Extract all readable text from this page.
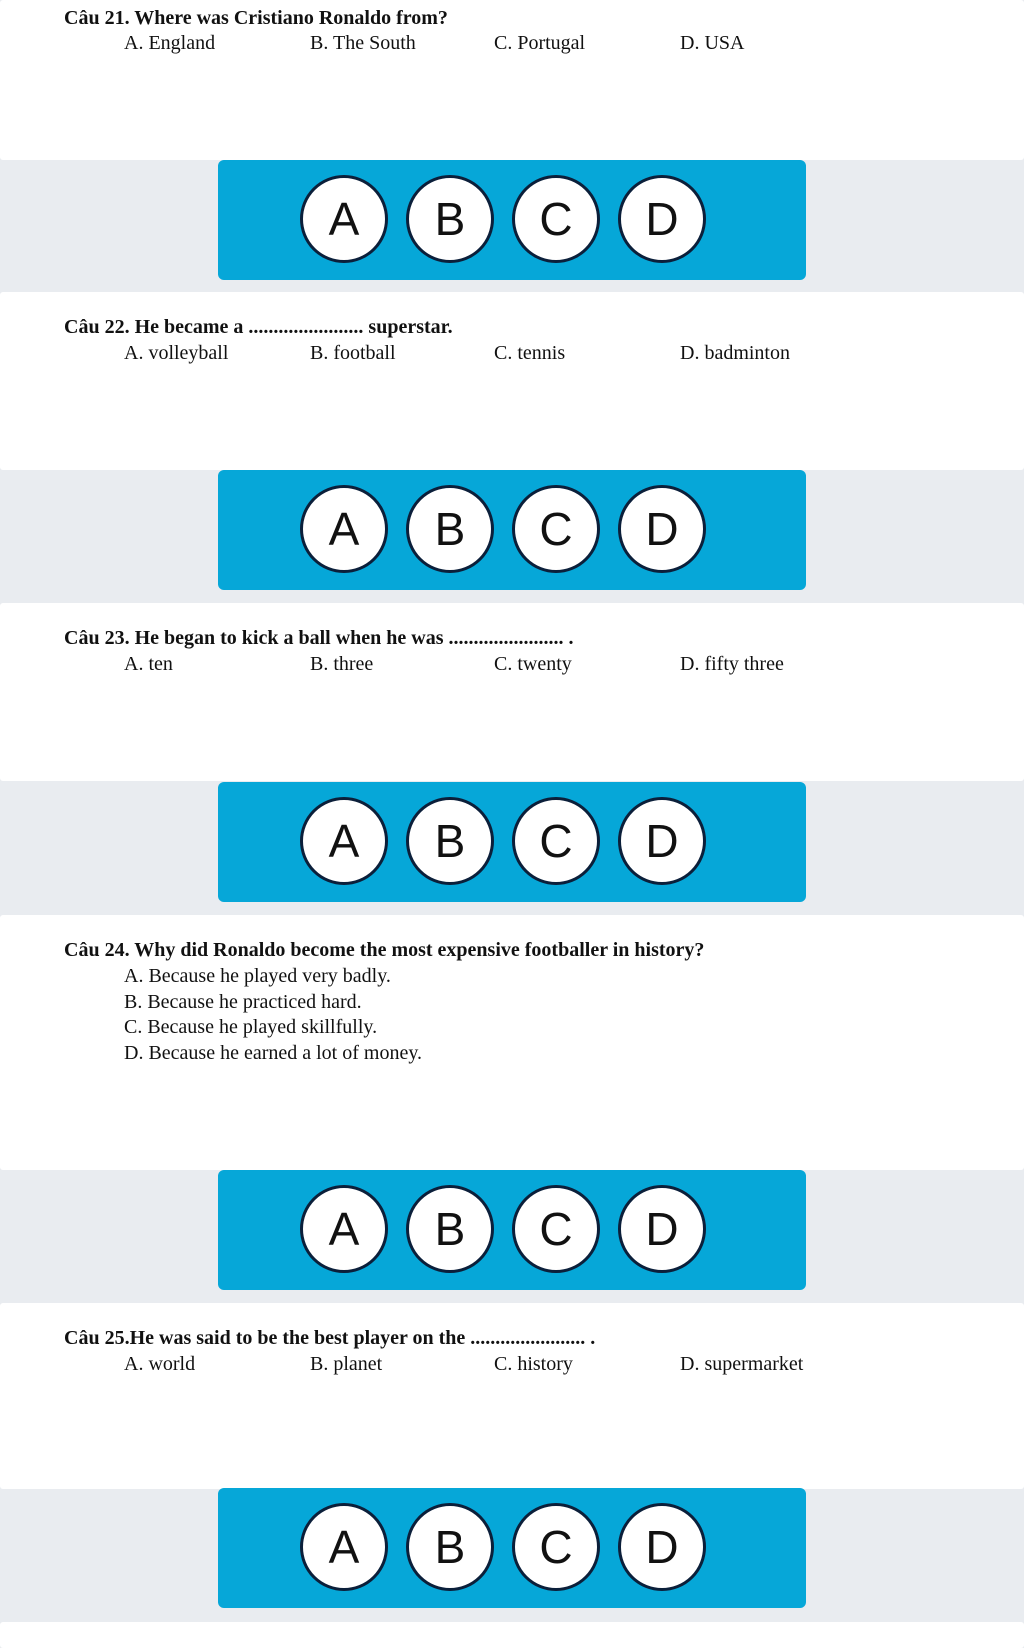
Câu 21. Where was Cristiano Ronaldo from?
A. England	B. The South	C. Portugal	D. USA
A	B	C	D
Câu 22. He became a ....................... superstar.
A. volleyball	B. football	C. tennis	D. badminton
A	B	C	D
Câu 23. He began to kick a ball when he was ....................... .
A. ten	B. three	C. twenty	D. fifty three
A	B	C	D
Câu 24. Why did Ronaldo become the most expensive footballer in history?
A. Because he played very badly.
B. Because he practiced hard.
C. Because he played skillfully.
D. Because he earned a lot of money.
A	B	C	D
Câu 25.He was said to be the best player on the ....................... .
A. world	B. planet	C. history	D. supermarket
A	B	C	D
